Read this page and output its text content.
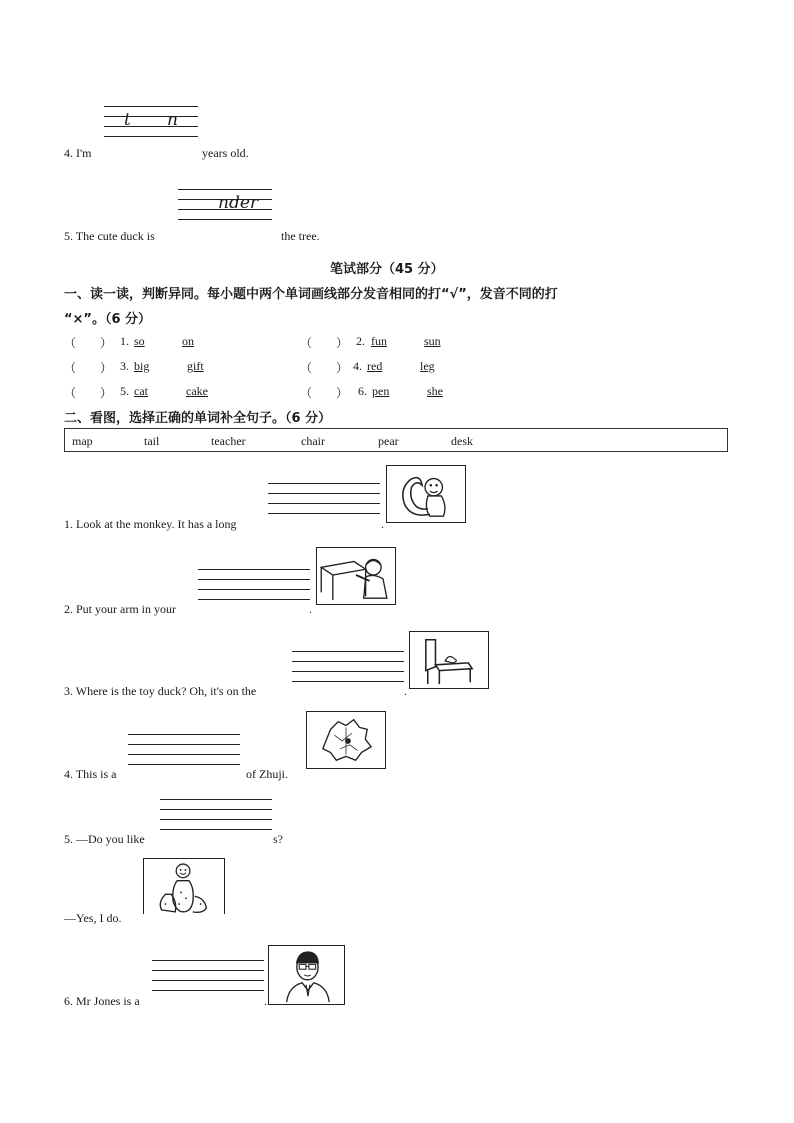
t n
4. I'm	years old.
nder
5. The cute duck is	the tree.
笔试部分（45 分）
一、读一读，判断异同。每小题中两个单词画线部分发音相同的打“√”，发音不同的打
“×”。（6 分）
（　　） 1. so	on	（　　） 2. fun	sun
（　　） 3. big	gift	（　　） 4. red	leg
（　　） 5. cat	cake	（　　） 6. pen	she
二、看图，选择正确的单词补全句子。（6 分）
map	tail	teacher	chair	pear	desk
1. Look at the monkey. It has a long	.
2. Put your arm in your	.
3. Where is the toy duck? Oh, it's on the	.
4. This is a	of Zhuji.
5. —Do you like	s?
—Yes, I do.
6. Mr Jones is a	.
